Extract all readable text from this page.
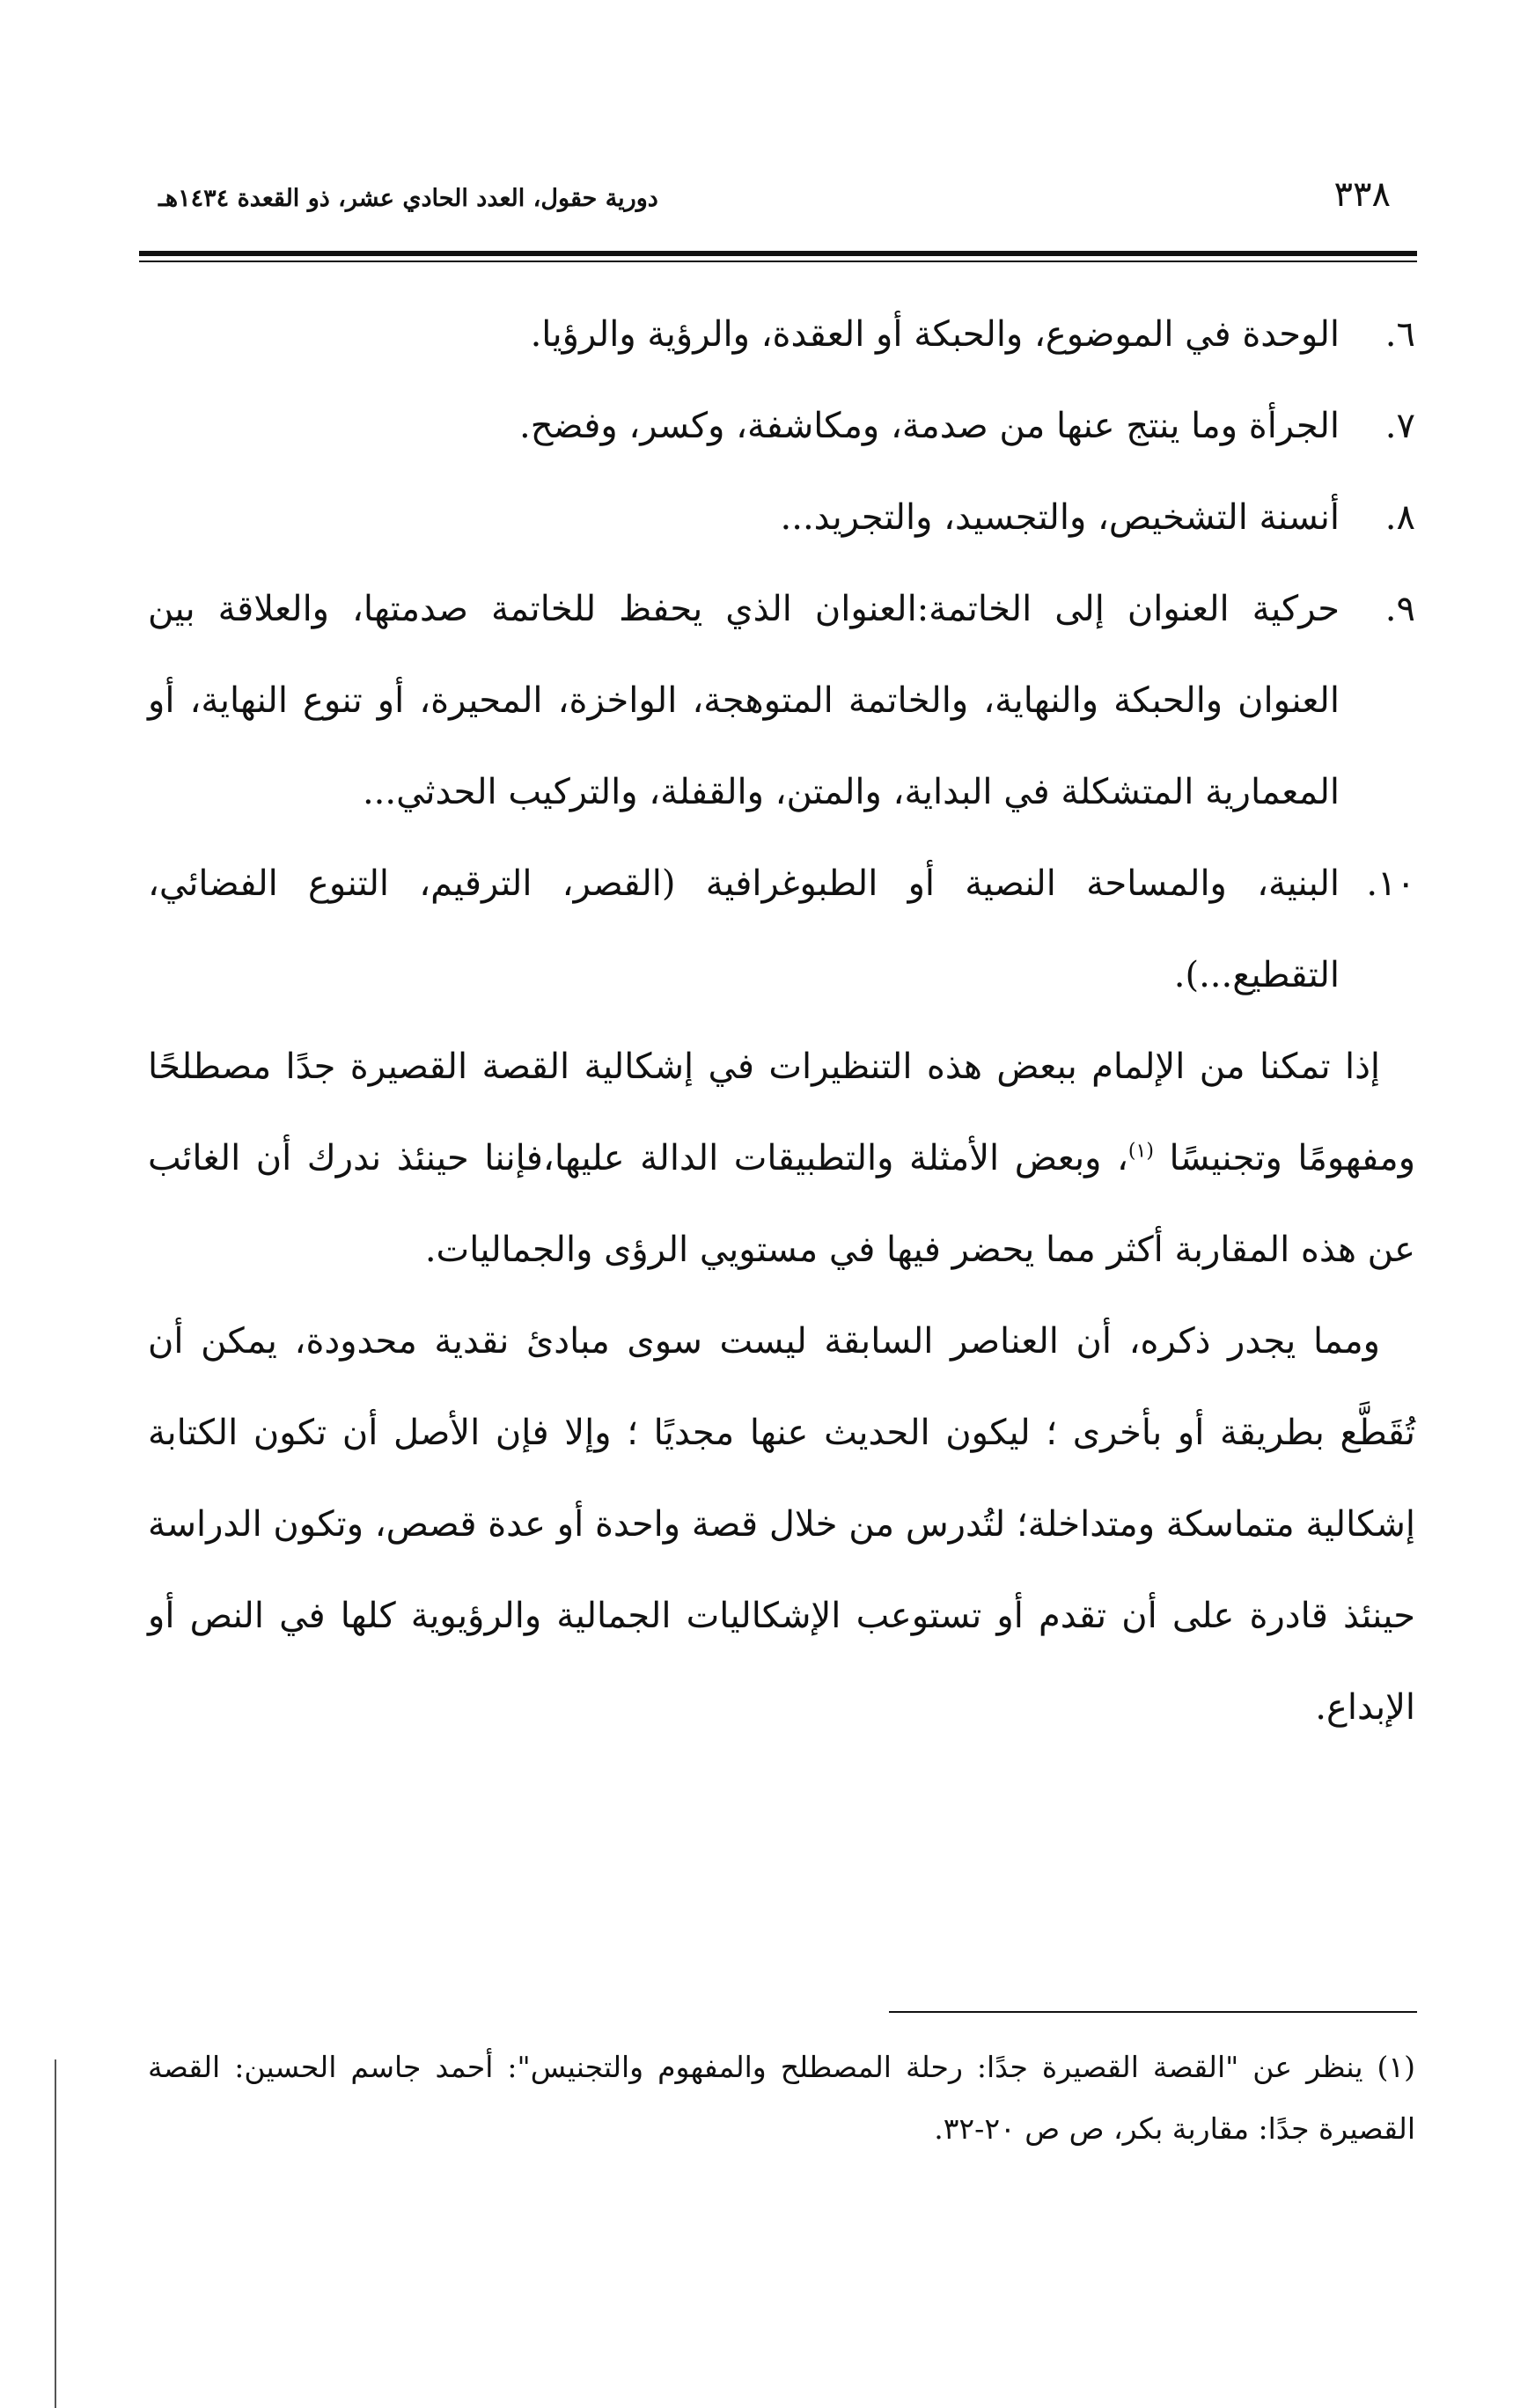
٣٣٨
دورية حقول، العدد الحادي عشر، ذو القعدة ١٤٣٤هـ
٦.
الوحدة في الموضوع، والحبكة أو العقدة، والرؤية والرؤيا.
٧.
الجرأة وما ينتج عنها من صدمة، ومكاشفة، وكسر، وفضح.
٨.
أنسنة التشخيص، والتجسيد، والتجريد...
٩.
حركية العنوان إلى الخاتمة:العنوان الذي يحفظ للخاتمة صدمتها، والعلاقة بين العنوان والحبكة والنهاية، والخاتمة المتوهجة، الواخزة، المحيرة، أو تنوع النهاية، أو المعمارية المتشكلة في البداية، والمتن، والقفلة، والتركيب الحدثي...
١٠.
البنية، والمساحة النصية أو الطبوغرافية (القصر، الترقيم، التنوع الفضائي، التقطيع...).

إذا تمكنا من الإلمام ببعض هذه التنظيرات في إشكالية القصة القصيرة جدًا مصطلحًا ومفهومًا وتجنيسًا $^{(١)}$، وبعض الأمثلة والتطبيقات الدالة عليها،فإننا حينئذ ندرك أن الغائب عن هذه المقاربة أكثر مما يحضر فيها في مستويي الرؤى والجماليات.

ومما يجدر ذكره، أن العناصر السابقة ليست سوى مبادئ نقدية محدودة، يمكن أن تُقَطَّع بطريقة أو بأخرى ؛ ليكون الحديث عنها مجديًا ؛ وإلا فإن الأصل أن تكون الكتابة إشكالية متماسكة ومتداخلة؛ لتُدرس من خلال قصة واحدة أو عدة قصص، وتكون الدراسة حينئذ قادرة على أن تقدم أو تستوعب الإشكاليات الجمالية والرؤيوية كلها في النص أو الإبداع.

(١) ينظر عن "القصة القصيرة جدًا: رحلة المصطلح والمفهوم والتجنيس": أحمد جاسم الحسين: القصة القصيرة جدًا: مقاربة بكر، ص ص ٢٠-٣٢.
